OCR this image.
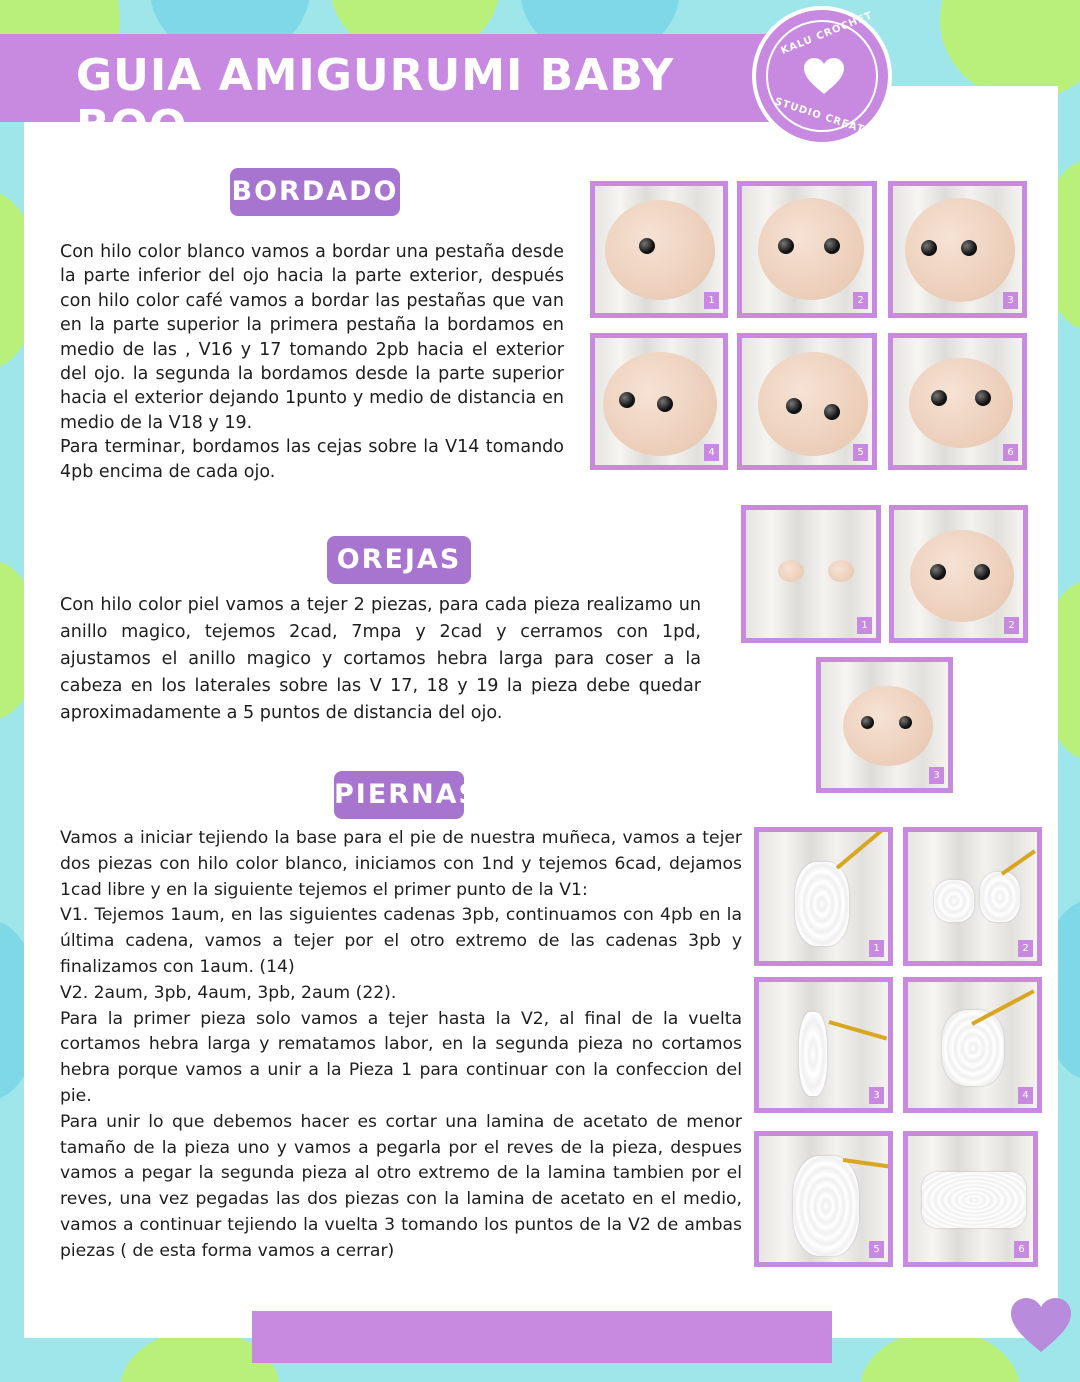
GUIA AMIGURUMI BABY BOO
KALU CROCHET
STUDIO CREATIVO
BORDADO

Con hilo color blanco vamos a bordar una pestaña desde la parte inferior del ojo hacia la parte exterior, después con hilo color café vamos a bordar las pestañas que van en la parte superior la primera pestaña la bordamos en medio de las , V16 y 17 tomando 2pb hacia el exterior del ojo. la segunda la bordamos desde la parte superior hacia el exterior dejando 1punto y medio de distancia en medio de la V18 y 19.

Para terminar, bordamos las cejas sobre la V14 tomando 4pb encima de cada ojo.

1	2	3
4	5	6
OREJAS

Con hilo color piel vamos a tejer 2 piezas, para cada pieza realizamo un anillo magico, tejemos 2cad, 7mpa y 2cad y cerramos con 1pd, ajustamos el anillo magico y cortamos hebra larga para coser a la cabeza en los laterales sobre las V 17, 18 y 19 la pieza debe quedar aproximadamente a 5 puntos de distancia del ojo.

1	2
3
PIERNAS

Vamos a iniciar tejiendo la base para el pie de nuestra muñeca, vamos a tejer dos piezas con hilo color blanco, iniciamos con 1nd y tejemos 6cad, dejamos 1cad libre y en la siguiente tejemos el primer punto de la V1:

V1. Tejemos 1aum, en las siguientes cadenas 3pb, continuamos con 4pb en la última cadena, vamos a tejer por el otro extremo de las cadenas 3pb y finalizamos con 1aum. (14)

V2. 2aum, 3pb, 4aum, 3pb, 2aum (22).

Para la primer pieza solo vamos a tejer hasta la V2, al final de la vuelta cortamos hebra larga y rematamos labor, en la segunda pieza no cortamos hebra porque vamos a unir a la Pieza 1 para continuar con la confeccion del pie.

Para unir lo que debemos hacer es cortar una lamina de acetato de menor tamaño de la pieza uno y vamos a pegarla por el reves de la pieza, despues vamos a pegar la segunda pieza al otro extremo de la lamina tambien por el reves, una vez pegadas las dos piezas con la lamina de acetato en el medio, vamos a continuar tejiendo la vuelta 3 tomando los puntos de la V2 de ambas piezas ( de esta forma vamos a cerrar)

1	2
3	4
5	6
